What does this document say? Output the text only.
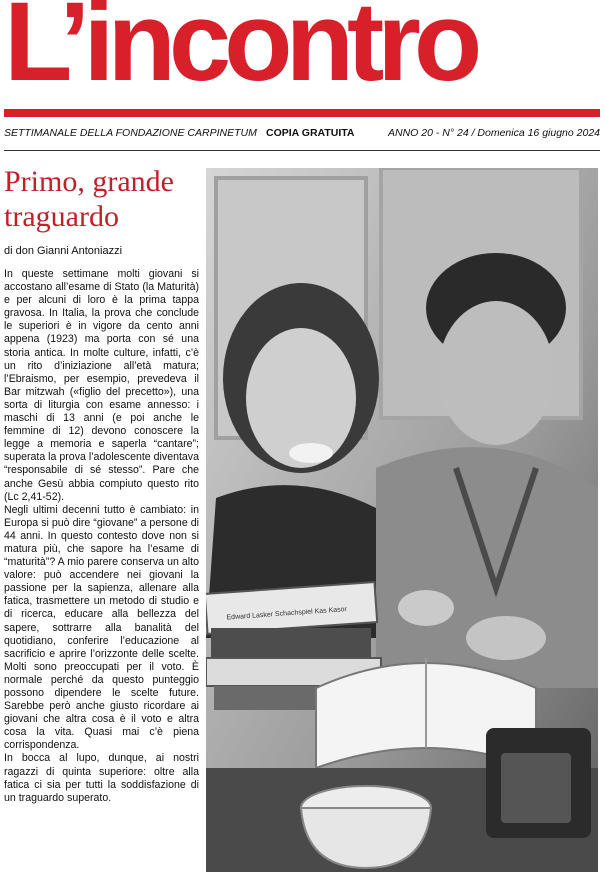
L’incontro
SETTIMANALE DELLA FONDAZIONE CARPINETUM COPIA GRATUITA	ANNO 20 - N° 24 / Domenica 16 giugno 2024
Primo, grande traguardo
di don Gianni Antoniazzi

In queste settimane molti giovani si accostano all’esame di Stato (la Maturità) e per alcuni di loro è la prima tappa gravosa. In Italia, la prova che conclude le superiori è in vigore da cento anni appena (1923) ma porta con sé una storia antica. In molte culture, infatti, c’è un rito d’iniziazione all’età matura; l’Ebraismo, per esempio, prevedeva il Bar mitzwah («figlio del precetto»), una sorta di liturgia con esame annesso: i maschi di 13 anni (e poi anche le femmine di 12) devono conoscere la legge a memoria e saperla “cantare”; superata la prova l’adolescente diventava “responsabile di sé stesso”. Pare che anche Gesù abbia compiuto questo rito (Lc 2,41-52).

Negli ultimi decenni tutto è cambiato: in Europa si può dire “giovane” a persone di 44 anni. In questo contesto dove non si matura più, che sapore ha l’esame di “maturità”? A mio parere conserva un alto valore: può accendere nei giovani la passione per la sapienza, allenare alla fatica, trasmettere un metodo di studio e di ricerca, educare alla bellezza del sapere, sottrarre alla banalità del quotidiano, conferire l’educazione al sacrificio e aprire l’orizzonte delle scelte. Molti sono preoccupati per il voto. È normale perché da questo punteggio possono dipendere le scelte future. Sarebbe però anche giusto ricordare ai giovani che altra cosa è il voto e altra cosa la vita. Quasi mai c’è piena corrispondenza.

In bocca al lupo, dunque, ai nostri ragazzi di quinta superiore: oltre alla fatica ci sia per tutti la soddisfazione di un traguardo superato.

Edward Lasker Schachspiel Kas Kasor
